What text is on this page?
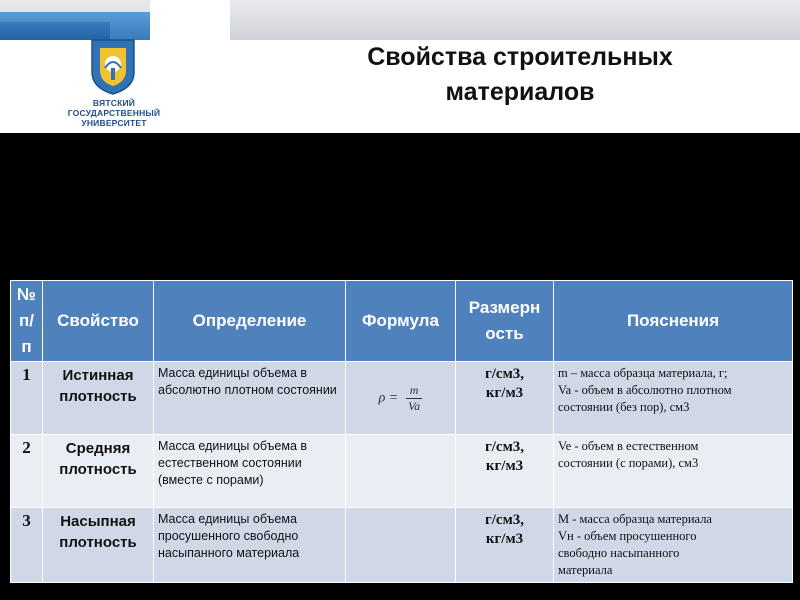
ВЯТСКИЙ
ГОСУДАРСТВЕННЫЙ
УНИВЕРСИТЕТ
Свойства строительных
материалов
№ п/п	Свойство	Определение	Формула	Размерн
ость	Пояснения
1	Истинная плотность	Масса единицы объема в абсолютно плотном состоянии	$\rho = \frac{m}{Va}$	г/см3,
кг/м3	m – масса образца материала, г;
Va - объем в абсолютно плотном
состоянии (без пор), см3

2	Средняя плотность	Масса единицы объема в естественном состоянии (вместе с порами)		г/см3,
кг/м3	Ve - объем в естественном
состоянии (с порами), см3

3	Насыпная плотность	Масса единицы объема просушенного свободно насыпанного материала		г/см3,
кг/м3	М - масса образца материала
Vн - объем просушенного
свободно насыпанного
материала
